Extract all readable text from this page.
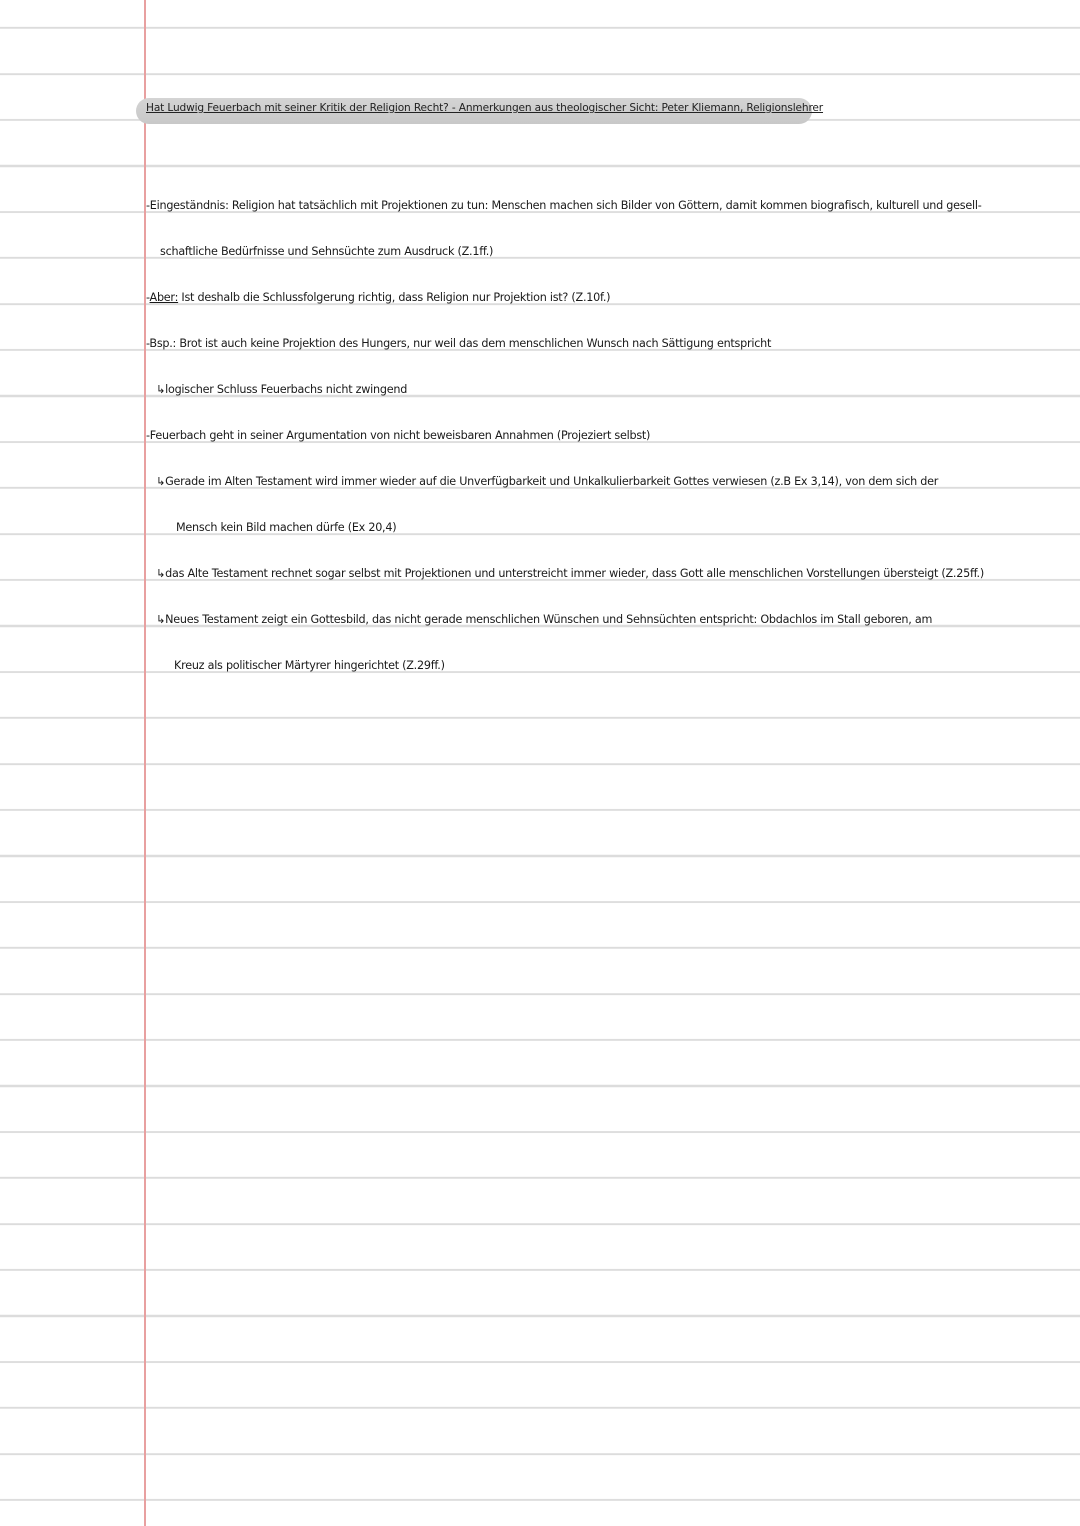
Hat Ludwig Feuerbach mit seiner Kritik der Religion Recht? - Anmerkungen aus theologischer Sicht: Peter Kliemann, Religionslehrer
-Eingeständnis: Religion hat tatsächlich mit Projektionen zu tun: Menschen machen sich Bilder von Göttern, damit kommen biografisch, kulturell und gesell-
schaftliche Bedürfnisse und Sehnsüchte zum Ausdruck (Z.1ff.)
-Aber: Ist deshalb die Schlussfolgerung richtig, dass Religion nur Projektion ist? (Z.10f.)
-Bsp.: Brot ist auch keine Projektion des Hungers, nur weil das dem menschlichen Wunsch nach Sättigung entspricht
↳logischer Schluss Feuerbachs nicht zwingend
-Feuerbach geht in seiner Argumentation von nicht beweisbaren Annahmen (Projeziert selbst)
↳Gerade im Alten Testament wird immer wieder auf die Unverfügbarkeit und Unkalkulierbarkeit Gottes verwiesen (z.B Ex 3,14), von dem sich der
Mensch kein Bild machen dürfe (Ex 20,4)
↳das Alte Testament rechnet sogar selbst mit Projektionen und unterstreicht immer wieder, dass Gott alle menschlichen Vorstellungen übersteigt (Z.25ff.)
↳Neues Testament zeigt ein Gottesbild, das nicht gerade menschlichen Wünschen und Sehnsüchten entspricht: Obdachlos im Stall geboren, am
Kreuz als politischer Märtyrer hingerichtet (Z.29ff.)
